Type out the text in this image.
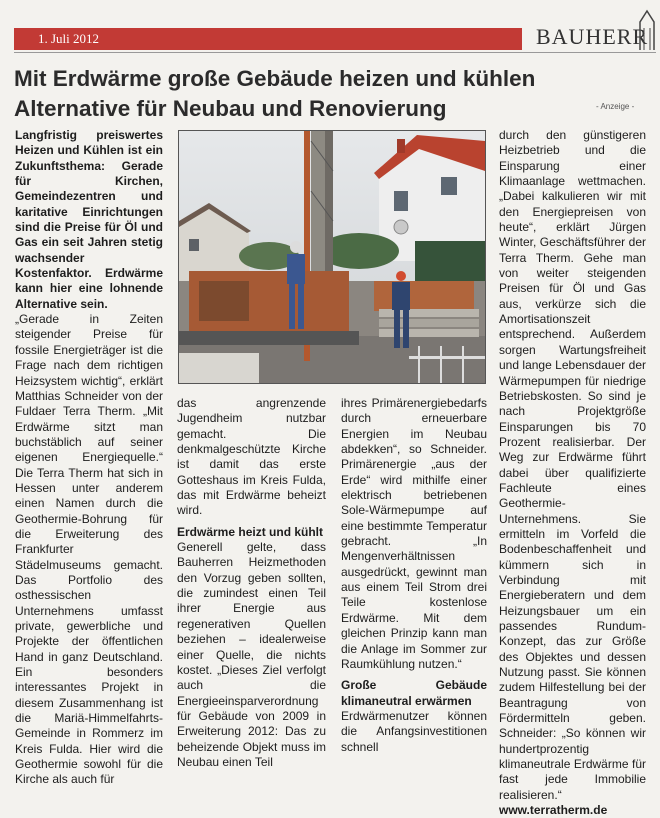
1. Juli 2012	BAUHERR
Mit Erdwärme große Gebäude heizen und kühlen
Alternative für Neubau und Renovierung	- Anzeige -

Langfristig preiswertes Heizen und Kühlen ist ein Zukunftsthema: Gerade für Kirchen, Gemeindezentren und karitative Einrichtungen sind die Preise für Öl und Gas ein seit Jahren stetig wachsender Kostenfaktor. Erdwärme kann hier eine lohnende Alternative sein.

„Gerade in Zeiten steigender Preise für fossile Energieträger ist die Frage nach dem richtigen Heizsystem wichtig“, erklärt Matthias Schneider von der Fuldaer Terra Therm. „Mit Erdwärme sitzt man buchstäblich auf seiner eigenen Energiequelle.“ Die Terra Therm hat sich in Hessen unter anderem einen Namen durch die Geothermie-Bohrung für die Erweiterung des Frankfurter Städelmuseums gemacht. Das Portfolio des osthessischen Unternehmens umfasst private, gewerbliche und Projekte der öffentlichen Hand in ganz Deutschland. Ein besonders interessantes Projekt in diesem Zusammenhang ist die Mariä-Himmelfahrts-Gemeinde in Rommerz im Kreis Fulda. Hier wird die Geothermie sowohl für die Kirche als auch für

das angrenzende Jugendheim nutzbar gemacht. Die denkmalgeschützte Kirche ist damit das erste Gotteshaus im Kreis Fulda, das mit Erdwärme beheizt wird.

Erdwärme heizt und kühlt

Generell gelte, dass Bauherren Heizmethoden den Vorzug geben sollten, die zumindest einen Teil ihrer Energie aus regenerativen Quellen beziehen – idealerweise einer Quelle, die nichts kostet. „Dieses Ziel verfolgt auch die Energieeinsparverordnung für Gebäude von 2009 in Erweiterung 2012: Das zu beheizende Objekt muss im Neubau einen Teil

ihres Primärenergiebedarfs durch erneuerbare Energien im Neubau abdekken“, so Schneider. Primärenergie „aus der Erde“ wird mithilfe einer elektrisch betriebenen Sole-Wärmepumpe auf eine bestimmte Temperatur gebracht. „In Mengenverhältnissen ausgedrückt, gewinnt man aus einem Teil Strom drei Teile kostenlose Erdwärme. Mit dem gleichen Prinzip kann man die Anlage im Sommer zur Raumkühlung nutzen.“

Große Gebäude klimaneutral erwärmen

Erdwärmenutzer können die Anfangsinvestitionen schnell

durch den günstigeren Heizbetrieb und die Einsparung einer Klimaanlage wettmachen. „Dabei kalkulieren wir mit den Energiepreisen von heute“, erklärt Jürgen Winter, Geschäftsführer der Terra Therm. Gehe man von weiter steigenden Preisen für Öl und Gas aus, verkürze sich die Amortisationszeit entsprechend. Außerdem sorgen Wartungsfreiheit und lange Lebensdauer der Wärmepumpen für niedrige Betriebskosten. So sind je nach Projektgröße Einsparungen bis 70 Prozent realisierbar. Der Weg zur Erdwärme führt dabei über qualifizierte Fachleute eines Geothermie-Unternehmens. Sie ermitteln im Vorfeld die Bodenbeschaffenheit und kümmern sich in Verbindung mit Energieberatern und dem Heizungsbauer um ein passendes Rundum-Konzept, das zur Größe des Objektes und dessen Nutzung passt. Sie können zudem Hilfestellung bei der Beantragung von Fördermitteln geben. Schneider: „So können wir hundertprozentig klimaneutrale Erdwärme für fast jede Immobilie realisieren.“

www.terratherm.de
